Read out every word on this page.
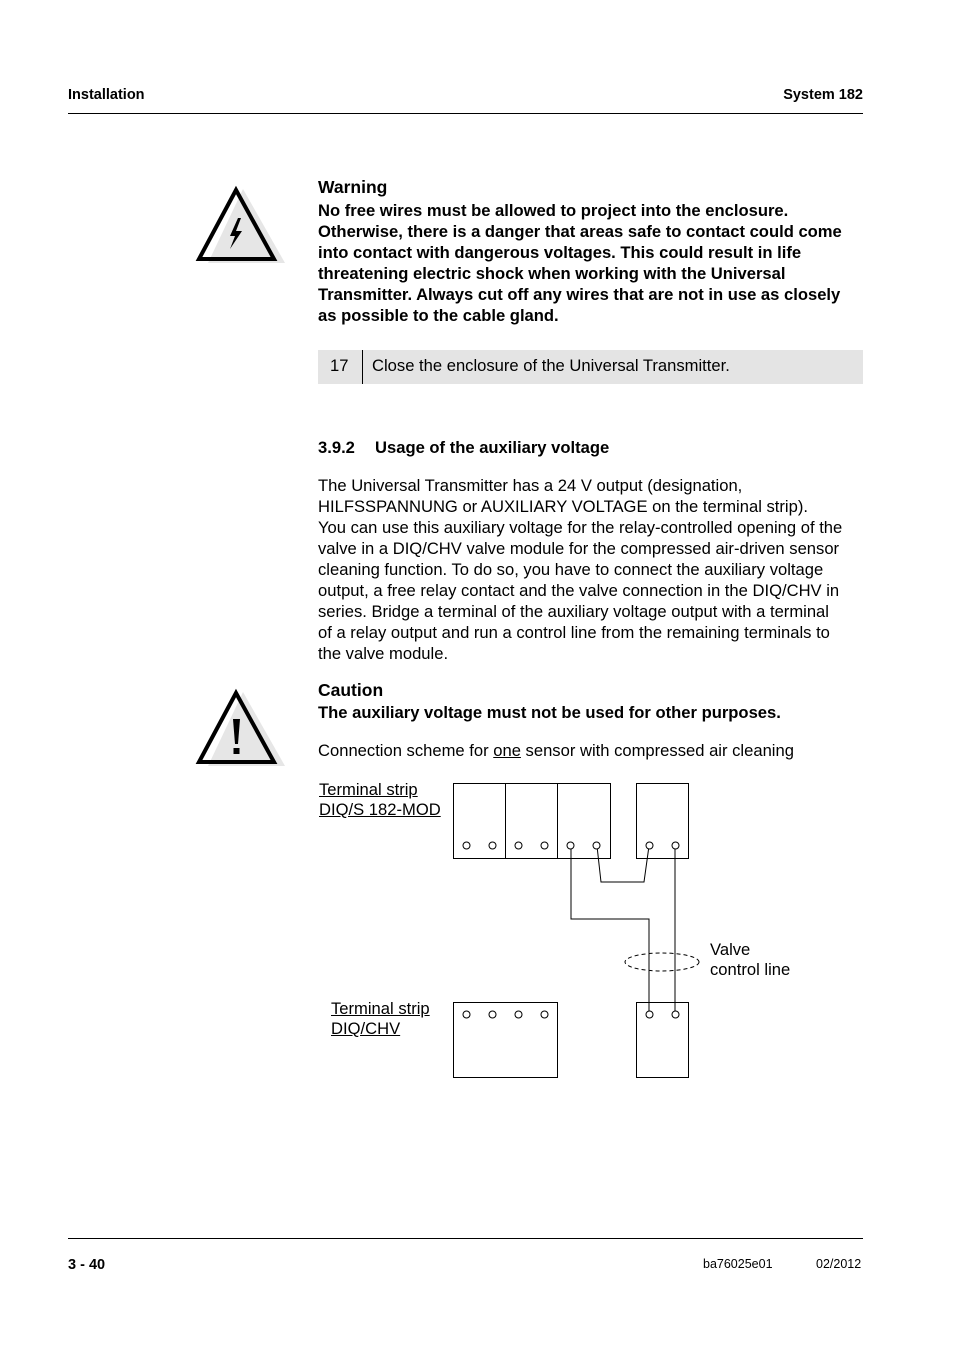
Installation	System 182
Warning
No free wires must be allowed to project into the enclosure.
Otherwise, there is a danger that areas safe to contact could come
into contact with dangerous voltages. This could result in life
threatening electric shock when working with the Universal
Transmitter. Always cut off any wires that are not in use as closely
as possible to the cable gland.
17 Close the enclosure of the Universal Transmitter.
3.9.2 Usage of the auxiliary voltage
The Universal Transmitter has a 24 V output (designation,
HILFSSPANNUNG or AUXILIARY VOLTAGE on the terminal strip).
You can use this auxiliary voltage for the relay-controlled opening of the
valve in a DIQ/CHV valve module for the compressed air-driven sensor
cleaning function. To do so, you have to connect the auxiliary voltage
output, a free relay contact and the valve connection in the DIQ/CHV in
series. Bridge a terminal of the auxiliary voltage output with a terminal
of a relay output and run a control line from the remaining terminals to
the valve module.
Caution
The auxiliary voltage must not be used for other purposes.
Connection scheme for one sensor with compressed air cleaning
Terminal strip
DIQ/S 182-MOD
Terminal strip
DIQ/CHV
Valve
control line
3 - 40	ba76025e01	02/2012
